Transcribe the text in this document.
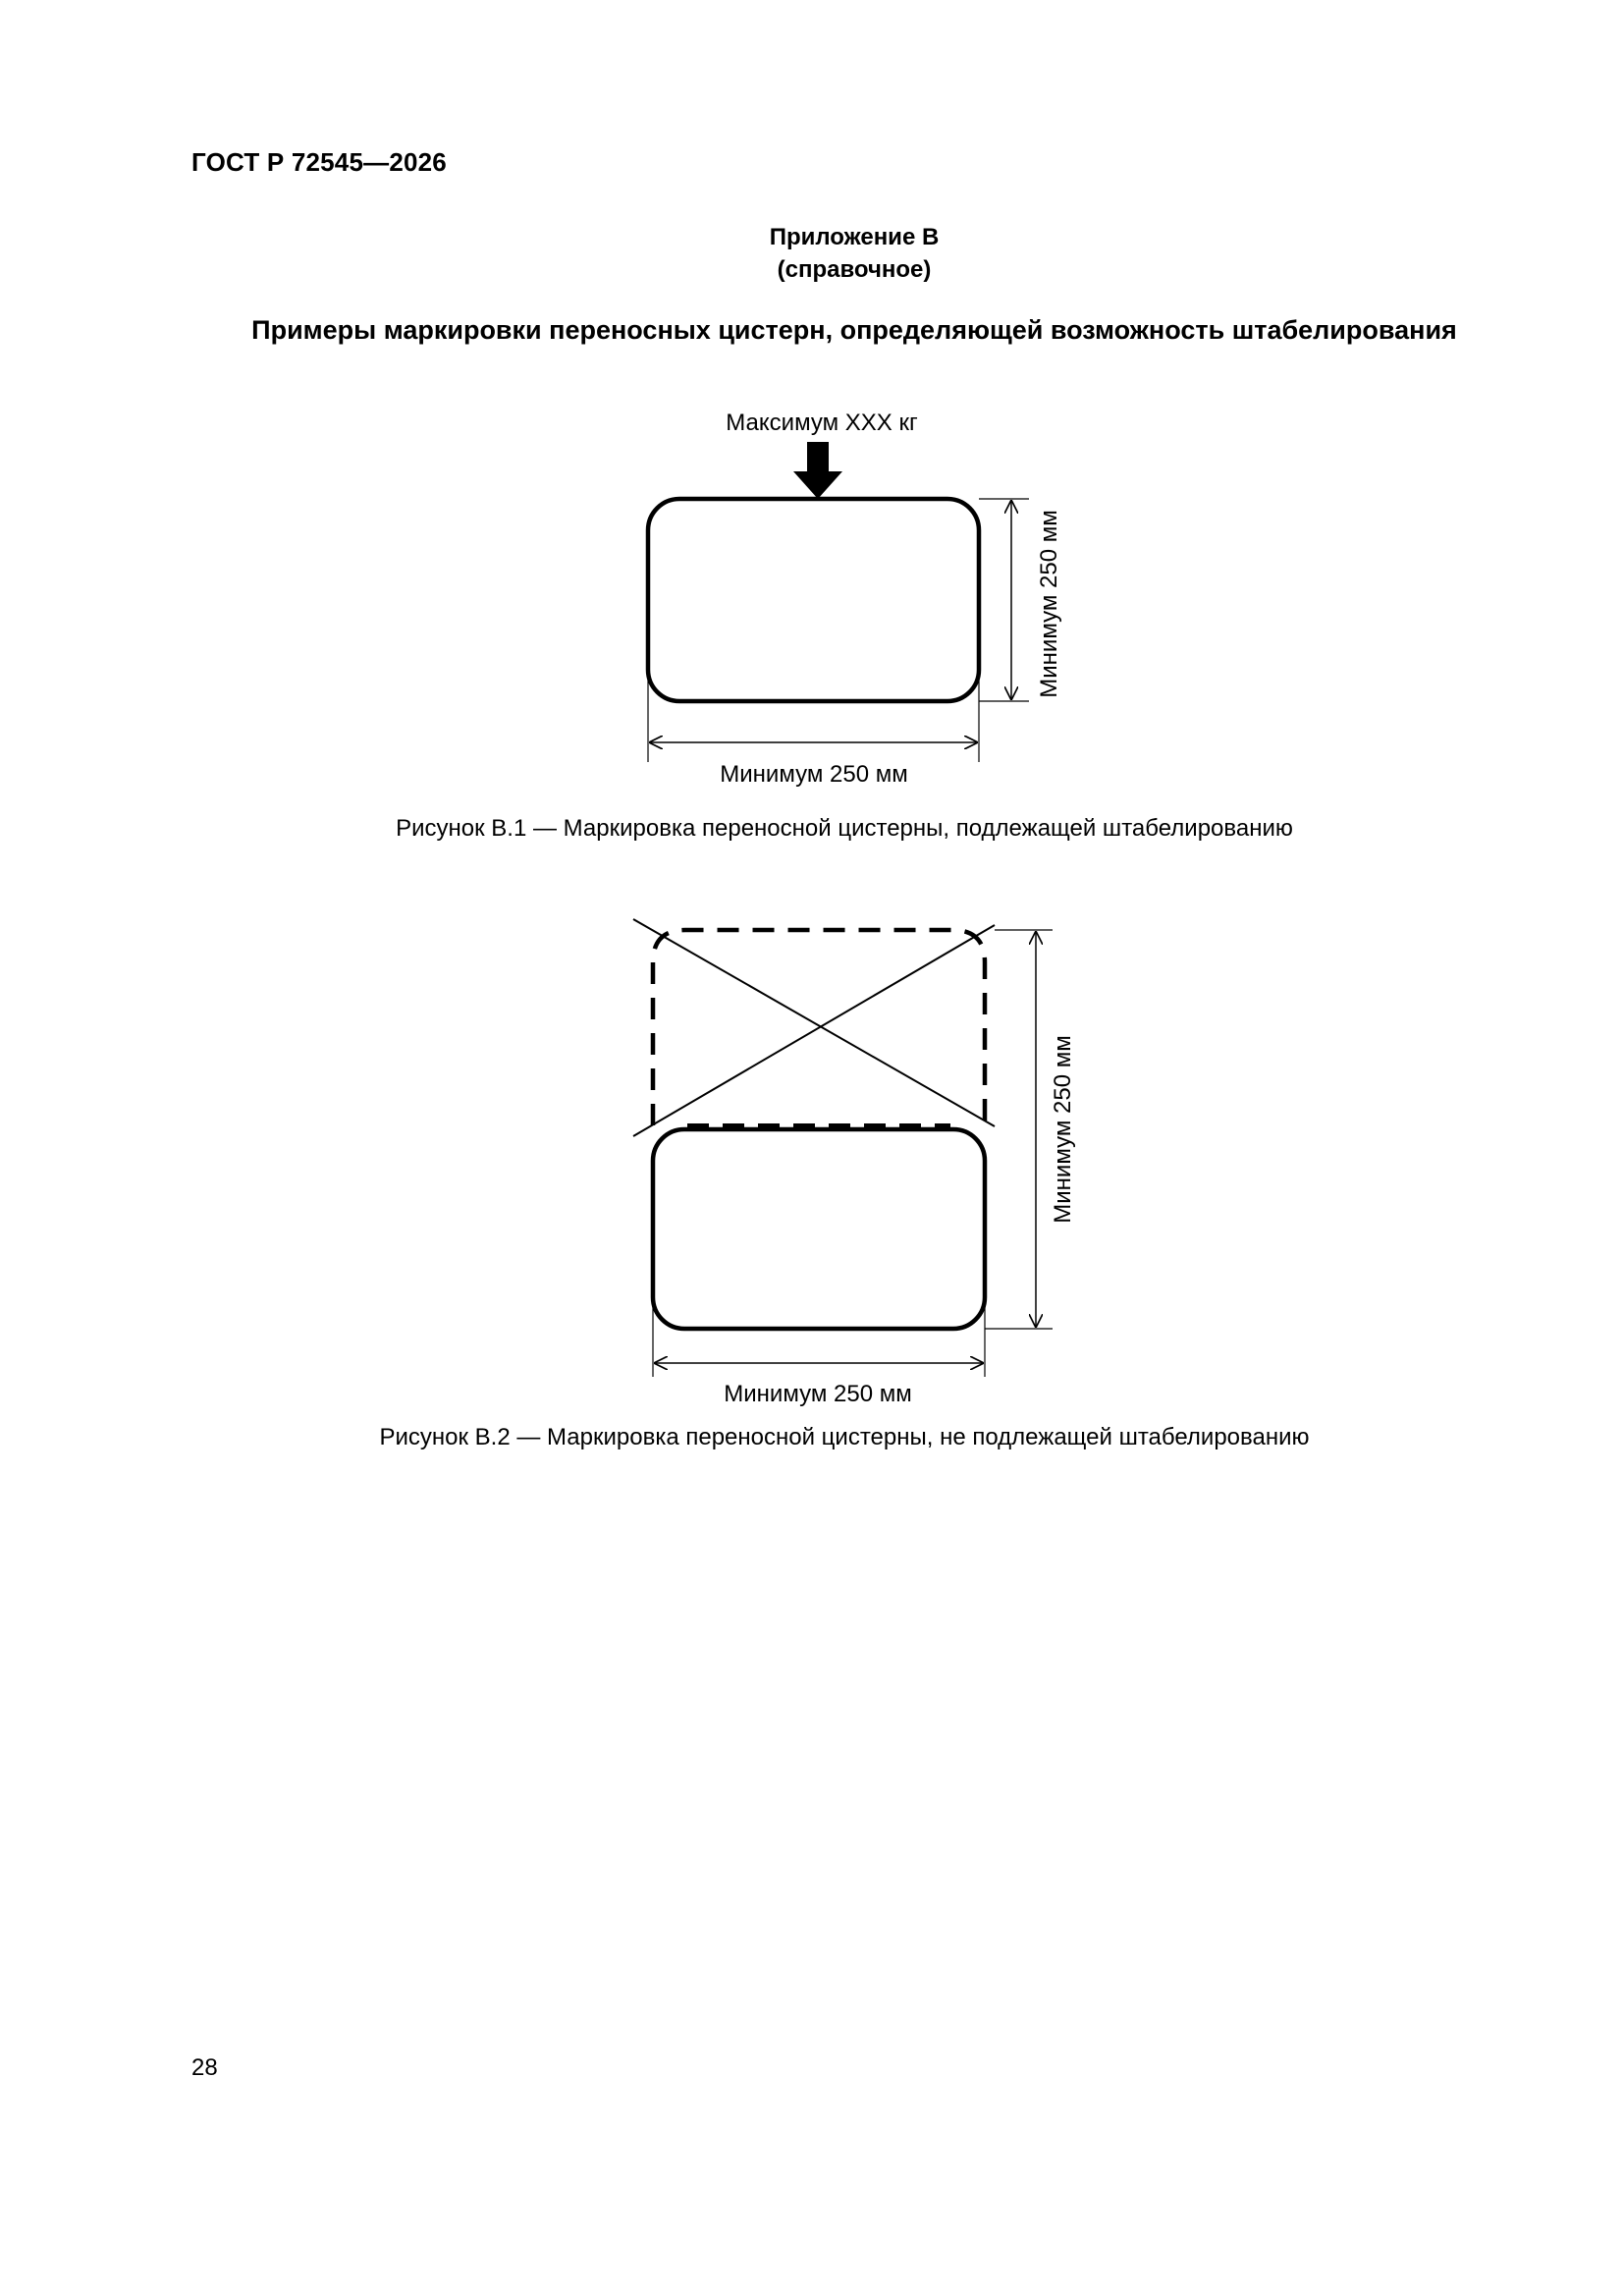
ГОСТ Р 72545—2026
Приложение В
(справочное)
Примеры маркировки переносных цистерн, определяющей возможность штабелирования
Максимум XXX кг
Минимум 250 мм
Минимум 250 мм
Минимум 250 мм
Минимум 250 мм
Рисунок В.1 — Маркировка переносной цистерны, подлежащей штабелированию
Рисунок В.2 — Маркировка переносной цистерны, не подлежащей штабелированию
28
